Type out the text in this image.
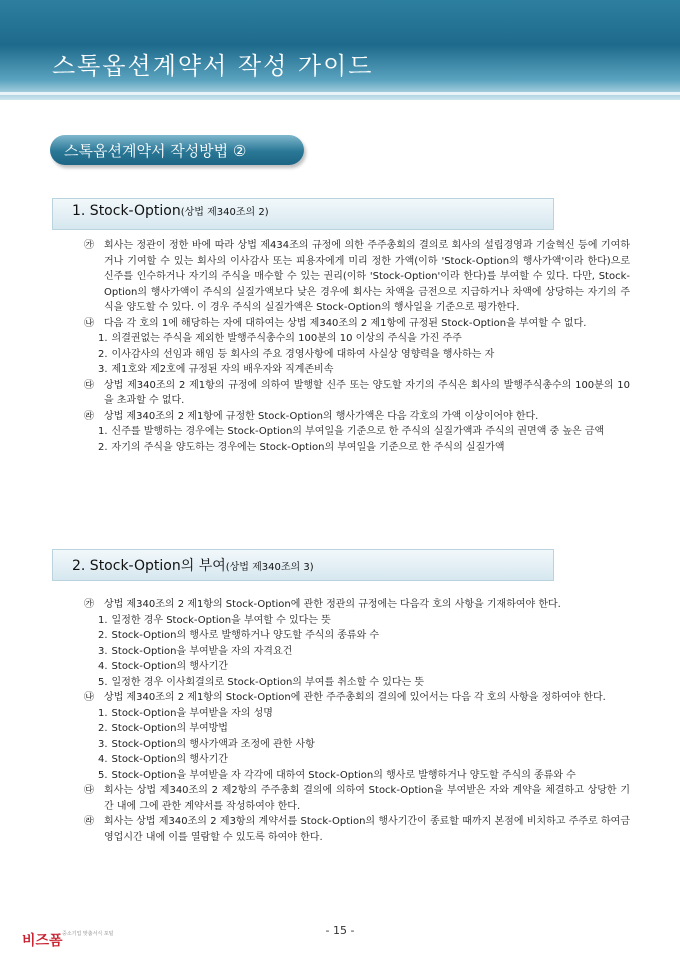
스톡옵션계약서 작성 가이드
스톡옵션계약서 작성방법 ②
1. Stock-Option(상법 제340조의 2)
㉮ 회사는 정관이 정한 바에 따라 상법 제434조의 규정에 의한 주주총회의 결의로 회사의 설립경영과 기술혁신 등에 기여하거나 기여할 수 있는 회사의 이사감사 또는 피용자에게 미리 정한 가액(이하 'Stock-Option의 행사가액'이라 한다)으로 신주를 인수하거나 자기의 주식을 매수할 수 있는 권리(이하 'Stock-Option'이라 한다)를 부여할 수 있다. 다만, Stock-Option의 행사가액이 주식의 실질가액보다 낮은 경우에 회사는 차액을 금전으로 지급하거나 차액에 상당하는 자기의 주식을 양도할 수 있다. 이 경우 주식의 실질가액은 Stock-Option의 행사일을 기준으로 평가한다.
㉯ 다음 각 호의 1에 해당하는 자에 대하여는 상법 제340조의 2 제1항에 규정된 Stock-Option을 부여할 수 없다.
1. 의결권없는 주식을 제외한 발행주식총수의 100분의 10 이상의 주식을 가진 주주
2. 이사감사의 선임과 해임 등 회사의 주요 경영사항에 대하여 사실상 영향력을 행사하는 자
3. 제1호와 제2호에 규정된 자의 배우자와 직계존비속
㉰ 상법 제340조의 2 제1항의 규정에 의하여 발행할 신주 또는 양도할 자기의 주식은 회사의 발행주식총수의 100분의 10을 초과할 수 없다.
㉱ 상법 제340조의 2 제1항에 규정한 Stock-Option의 행사가액은 다음 각호의 가액 이상이어야 한다.
1. 신주를 발행하는 경우에는 Stock-Option의 부여일을 기준으로 한 주식의 실질가액과 주식의 권면액 중 높은 금액
2. 자기의 주식을 양도하는 경우에는 Stock-Option의 부여일을 기준으로 한 주식의 실질가액
2. Stock-Option의 부여(상법 제340조의 3)
㉮ 상법 제340조의 2 제1항의 Stock-Option에 관한 정관의 규정에는 다음각 호의 사항을 기재하여야 한다.
1. 일정한 경우 Stock-Option을 부여할 수 있다는 뜻
2. Stock-Option의 행사로 발행하거나 양도할 주식의 종류와 수
3. Stock-Option을 부여받을 자의 자격요건
4. Stock-Option의 행사기간
5. 일정한 경우 이사회결의로 Stock-Option의 부여를 취소할 수 있다는 뜻
㉯ 상법 제340조의 2 제1항의 Stock-Option에 관한 주주총회의 결의에 있어서는 다음 각 호의 사항을 정하여야 한다.
1. Stock-Option을 부여받을 자의 성명
2. Stock-Option의 부여방법
3. Stock-Option의 행사가액과 조정에 관한 사항
4. Stock-Option의 행사기간
5. Stock-Option을 부여받을 자 각각에 대하여 Stock-Option의 행사로 발행하거나 양도할 주식의 종류와 수
㉰ 회사는 상법 제340조의 2 제2항의 주주총회 결의에 의하여 Stock-Option을 부여받은 자와 계약을 체결하고 상당한 기간 내에 그에 관한 계약서를 작성하여야 한다.
㉱ 회사는 상법 제340조의 2 제3항의 계약서를 Stock-Option의 행사기간이 종료할 때까지 본점에 비치하고 주주로 하여금 영업시간 내에 이를 열람할 수 있도록 하여야 한다.
- 15 -
비즈폼 중소기업 맞춤서식 포털
